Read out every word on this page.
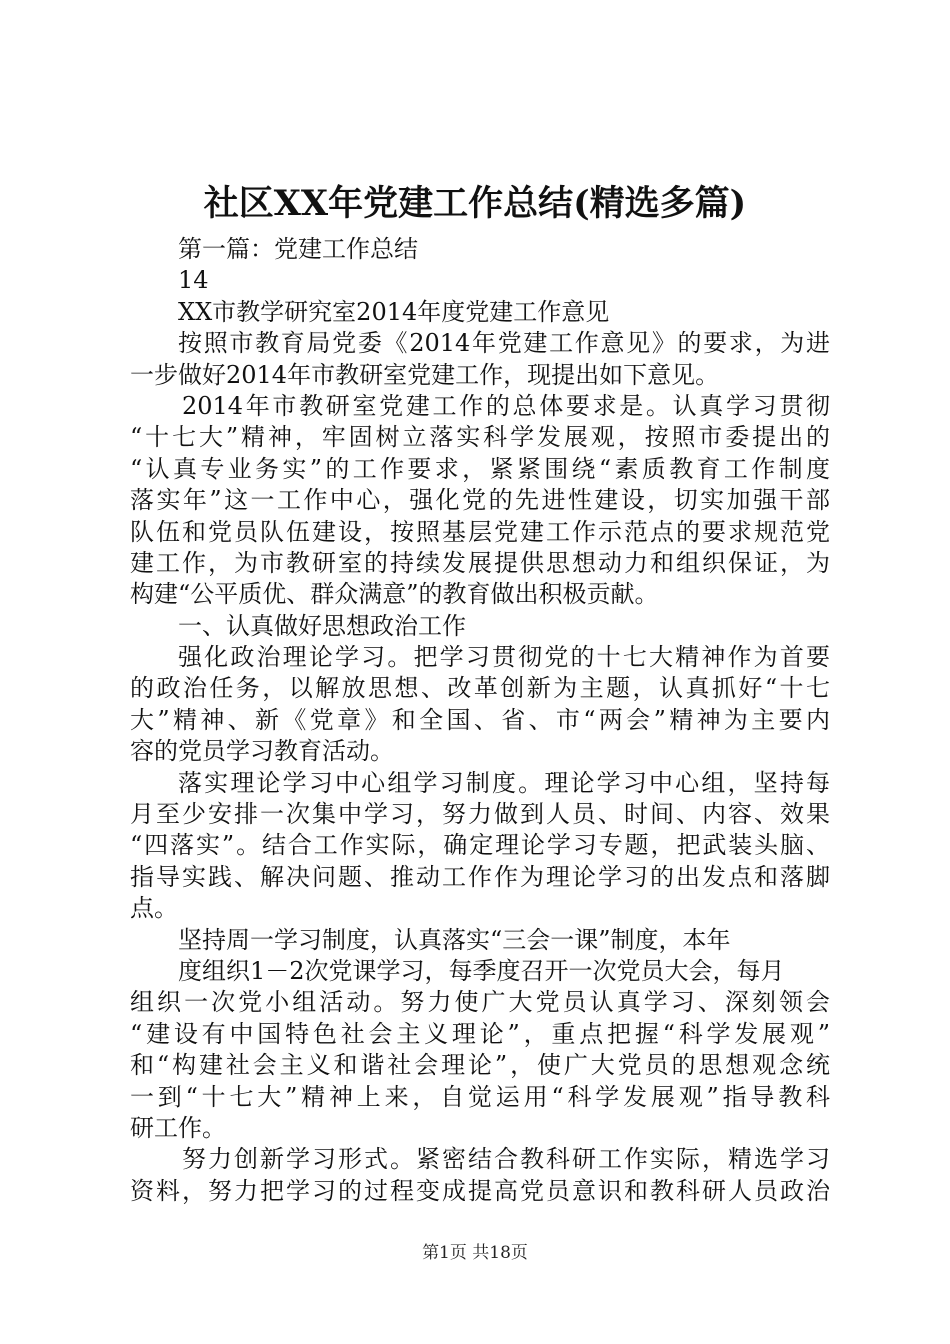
社区XX年党建工作总结(精选多篇)
第一篇：党建工作总结
14
XX市教学研究室2014年度党建工作意见
按照市教育局党委《2014年党建工作意见》的要求，为进
一步做好2014年市教研室党建工作，现提出如下意见。
2014年市教研室党建工作的总体要求是。认真学习贯彻
“十七大”精神，牢固树立落实科学发展观，按照市委提出的
“认真专业务实”的工作要求，紧紧围绕“素质教育工作制度
落实年”这一工作中心，强化党的先进性建设，切实加强干部
队伍和党员队伍建设，按照基层党建工作示范点的要求规范党
建工作，为市教研室的持续发展提供思想动力和组织保证，为
构建“公平质优、群众满意”的教育做出积极贡献。
一、认真做好思想政治工作
强化政治理论学习。把学习贯彻党的十七大精神作为首要
的政治任务，以解放思想、改革创新为主题，认真抓好“十七
大”精神、新《党章》和全国、省、市“两会”精神为主要内
容的党员学习教育活动。
落实理论学习中心组学习制度。理论学习中心组，坚持每
月至少安排一次集中学习，努力做到人员、时间、内容、效果
“四落实”。结合工作实际，确定理论学习专题，把武装头脑、
指导实践、解决问题、推动工作作为理论学习的出发点和落脚
点。
坚持周一学习制度，认真落实“三会一课”制度，本年
度组织1－2次党课学习，每季度召开一次党员大会，每月
组织一次党小组活动。努力使广大党员认真学习、深刻领会
“建设有中国特色社会主义理论”，重点把握“科学发展观”
和“构建社会主义和谐社会理论”，使广大党员的思想观念统
一到“十七大”精神上来，自觉运用“科学发展观”指导教科
研工作。
努力创新学习形式。紧密结合教科研工作实际，精选学习
资料，努力把学习的过程变成提高党员意识和教科研人员政治
第1页 共18页
